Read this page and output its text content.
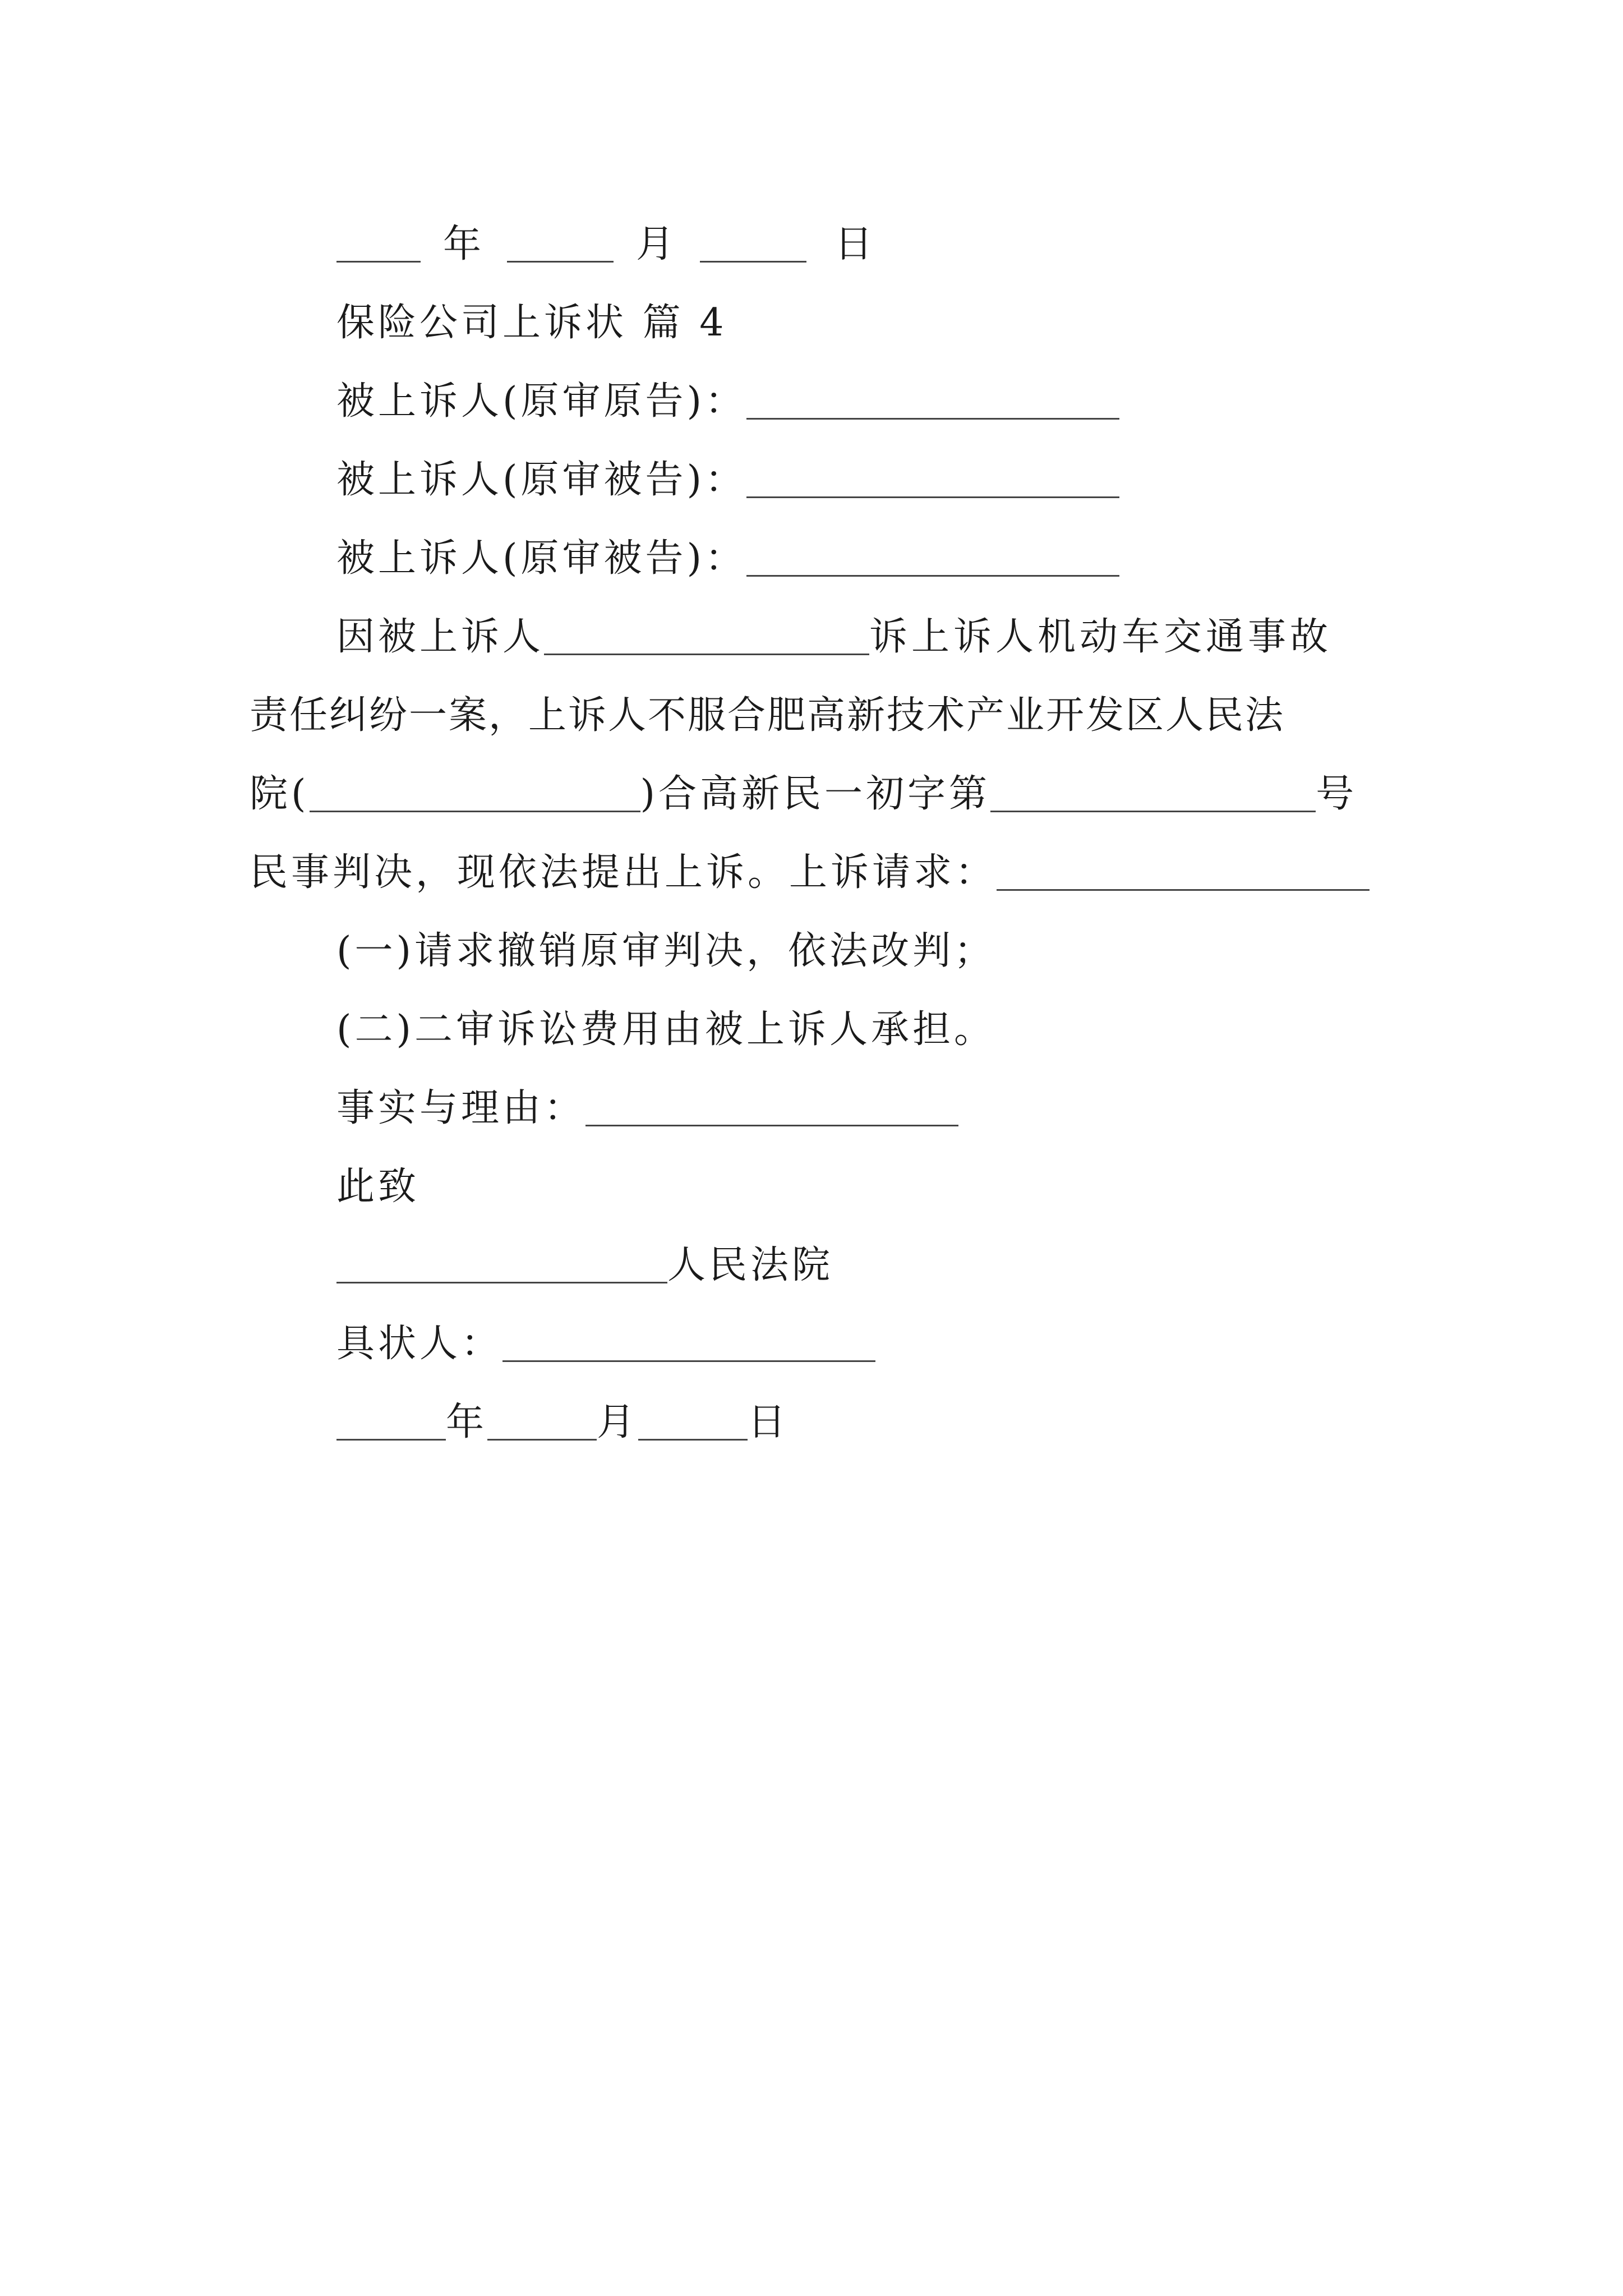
年	月	日
保险公司上诉状 篇 4
被上诉人(原审原告)：
被上诉人(原审被告)：
被上诉人(原审被告)：
因被上诉人	诉上诉人机动车交通事故
责任纠纷一案，上诉人不服合肥高新技术产业开发区人民法
院(	)合高新民一初字第	号
民事判决，现依法提出上诉。上诉请求：
(一)请求撤销原审判决，依法改判；
(二)二审诉讼费用由被上诉人承担。
事实与理由：
此致
人民法院
具状人：
年	月	日
